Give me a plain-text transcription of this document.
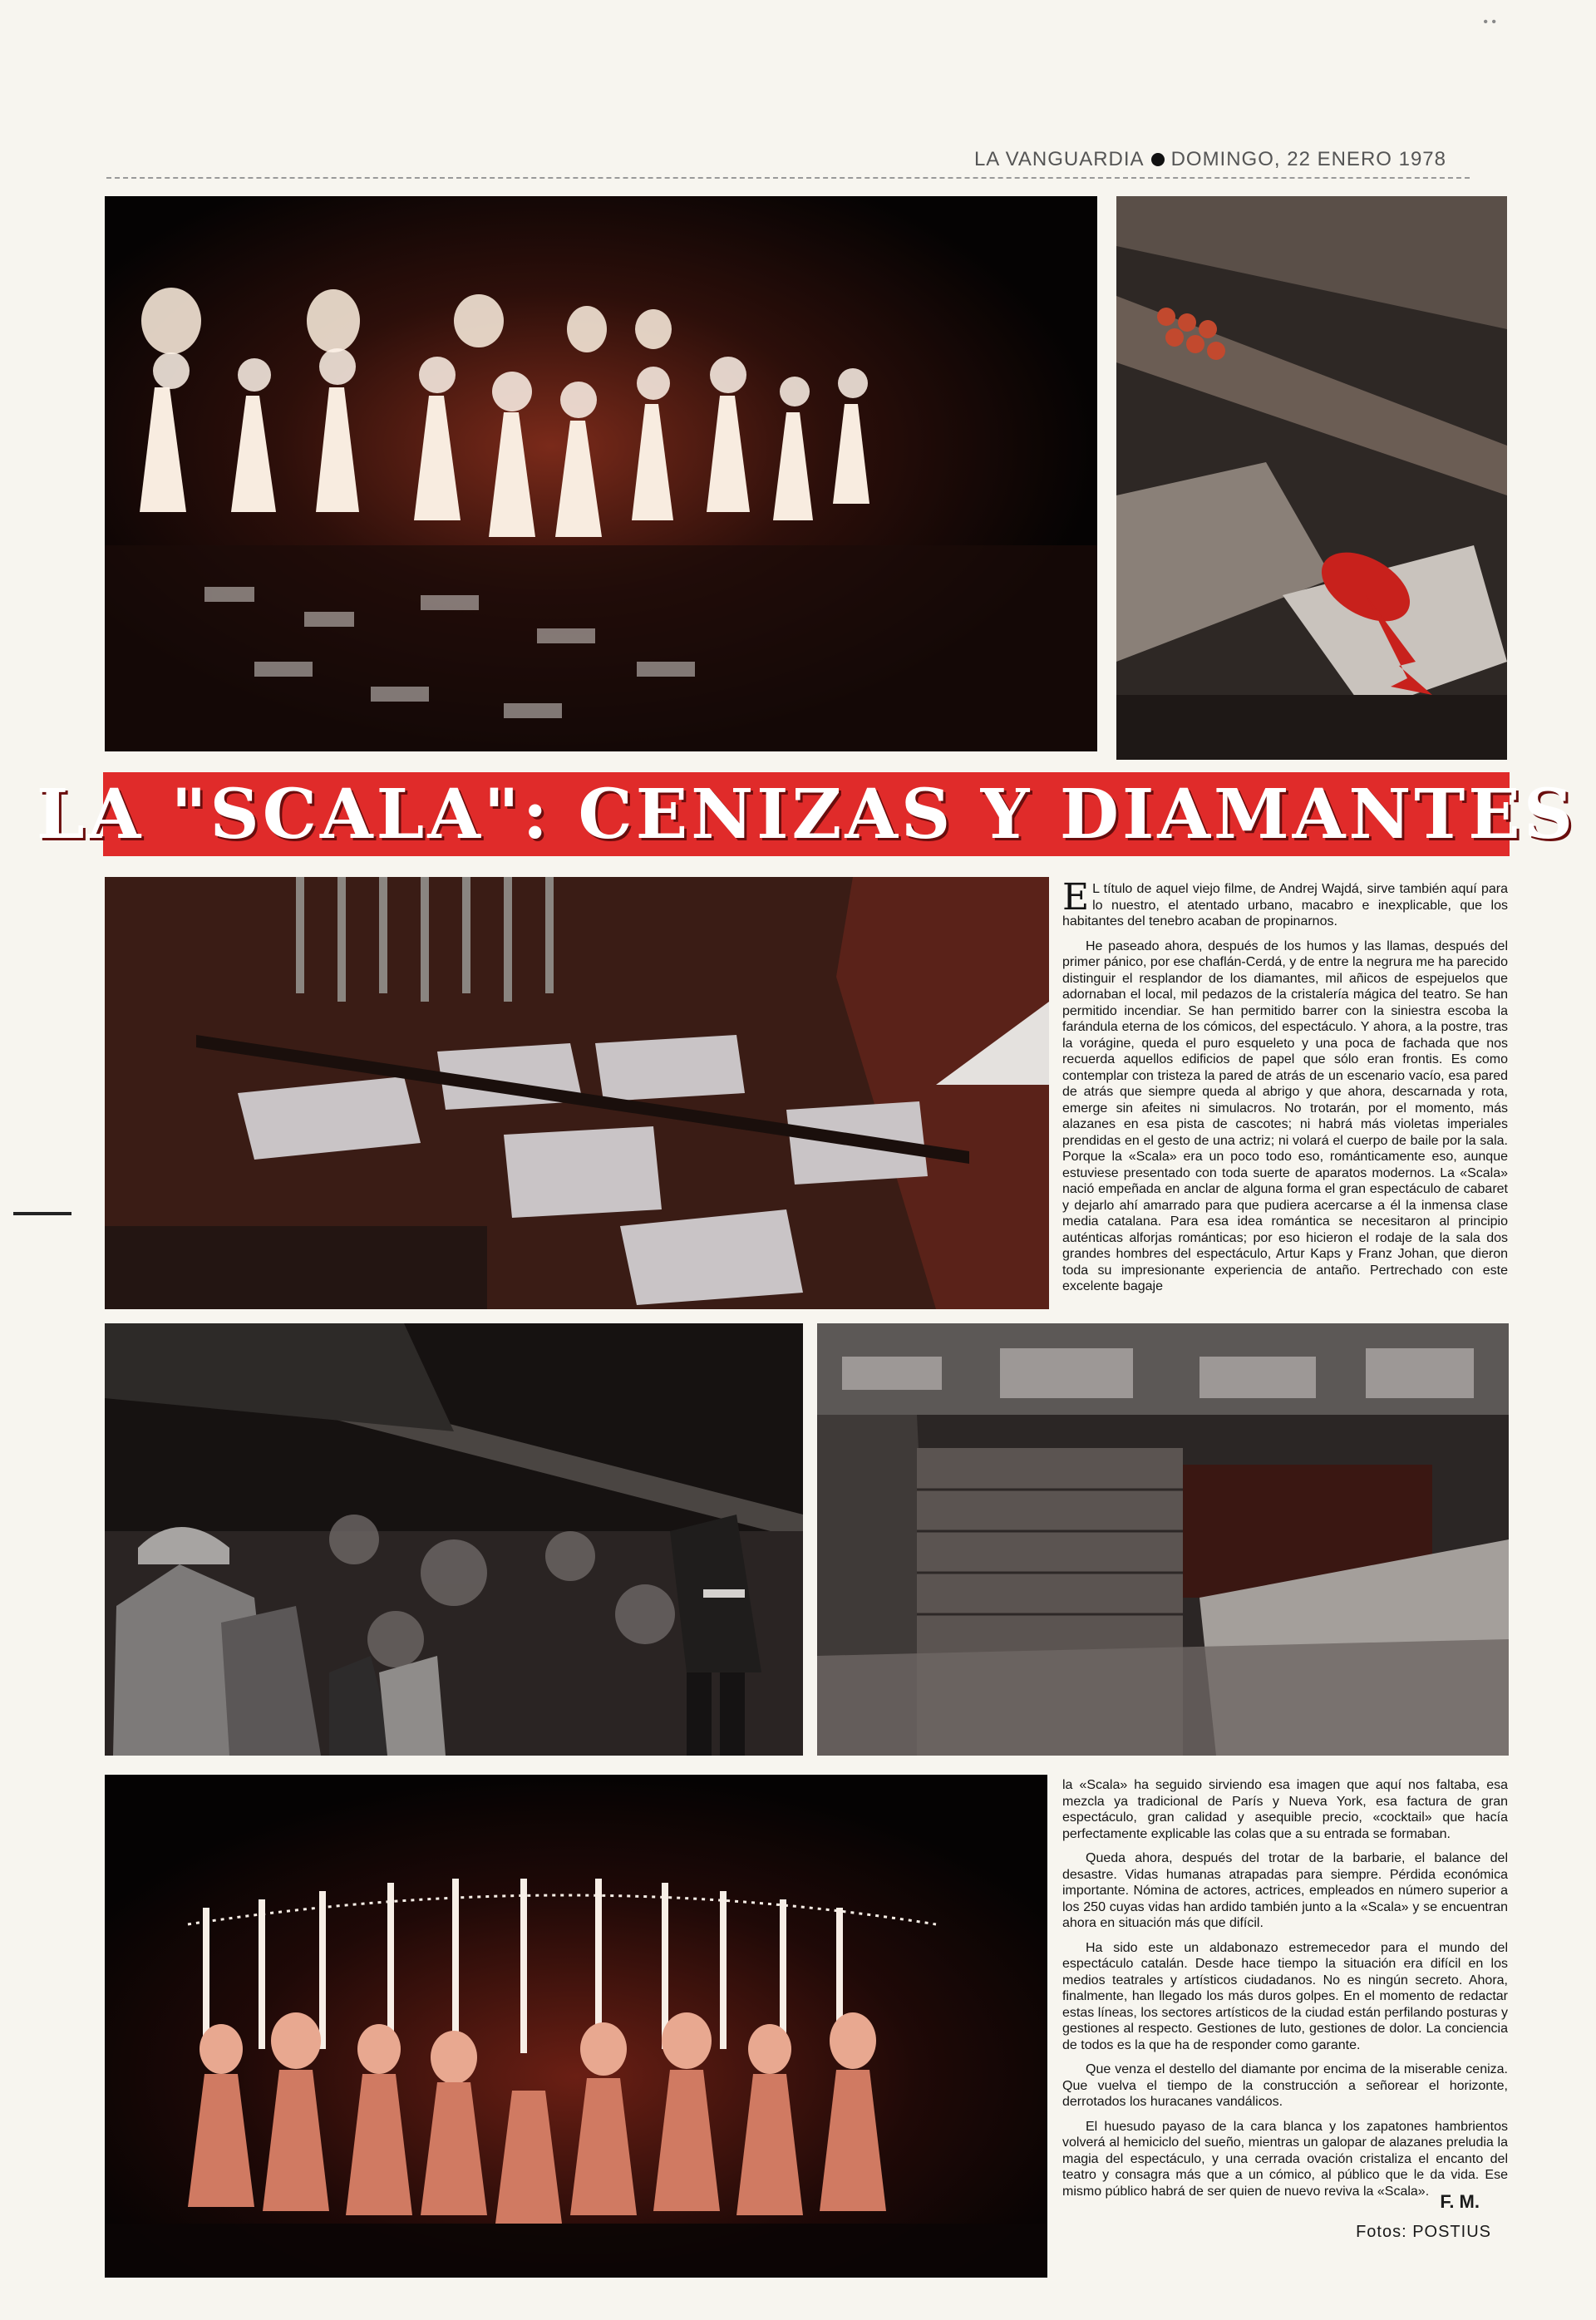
• •
LA VANGUARDIA DOMINGO, 22 ENERO 1978
LA "SCALA": CENIZAS Y DIAMANTES

E L título de aquel viejo filme, de Andrej Wajdá, sirve también aquí para lo nuestro, el atentado urbano, macabro e inexplicable, que los habitantes del tenebro acaban de propinarnos.

He paseado ahora, después de los humos y las llamas, después del primer pánico, por ese chaflán-Cerdá, y de entre la negrura me ha parecido distinguir el resplandor de los diamantes, mil añicos de espejuelos que adornaban el local, mil pedazos de la cristalería mágica del teatro. Se han permitido incendiar. Se han permitido barrer con la siniestra escoba la farándula eterna de los cómicos, del espectáculo. Y ahora, a la postre, tras la vorágine, queda el puro esqueleto y una poca de fachada que nos recuerda aquellos edificios de papel que sólo eran frontis. Es como contemplar con tristeza la pared de atrás de un escenario vacío, esa pared de atrás que siempre queda al abrigo y que ahora, descarnada y rota, emerge sin afeites ni simulacros. No trotarán, por el momento, más alazanes en esa pista de cascotes; ni habrá más violetas imperiales prendidas en el gesto de una actriz; ni volará el cuerpo de baile por la sala. Porque la «Scala» era un poco todo eso, románticamente eso, aunque estuviese presentado con toda suerte de aparatos modernos. La «Scala» nació empeñada en anclar de alguna forma el gran espectáculo de cabaret y dejarlo ahí amarrado para que pudiera acercarse a él la inmensa clase media catalana. Para esa idea romántica se necesitaron al principio auténticas alforjas románticas; por eso hicieron el rodaje de la sala dos grandes hombres del espectáculo, Artur Kaps y Franz Johan, que dieron toda su impresionante experiencia de antaño. Pertrechado con este excelente bagaje

la «Scala» ha seguido sirviendo esa imagen que aquí nos faltaba, esa mezcla ya tradicional de París y Nueva York, esa factura de gran espectáculo, gran calidad y asequible precio, «cocktail» que hacía perfectamente explicable las colas que a su entrada se formaban.

Queda ahora, después del trotar de la barbarie, el balance del desastre. Vidas humanas atrapadas para siempre. Pérdida económica importante. Nómina de actores, actrices, empleados en número superior a los 250 cuyas vidas han ardido también junto a la «Scala» y se encuentran ahora en situación más que difícil.

Ha sido este un aldabonazo estremecedor para el mundo del espectáculo catalán. Desde hace tiempo la situación era difícil en los medios teatrales y artísticos ciudadanos. No es ningún secreto. Ahora, finalmente, han llegado los más duros golpes. En el momento de redactar estas líneas, los sectores artísticos de la ciudad están perfilando posturas y gestiones al respecto. Gestiones de luto, gestiones de dolor. La conciencia de todos es la que ha de responder como garante.

Que venza el destello del diamante por encima de la miserable ceniza. Que vuelva el tiempo de la construcción a señorear el horizonte, derrotados los huracanes vandálicos.

El huesudo payaso de la cara blanca y los zapatones hambrientos volverá al hemiciclo del sueño, mientras un galopar de alazanes preludia la magia del espectáculo, y una cerrada ovación cristaliza el encanto del teatro y consagra más que a un cómico, al público que le da vida. Ese mismo público habrá de ser quien de nuevo reviva la «Scala». F. M.
Fotos: POSTIUS
